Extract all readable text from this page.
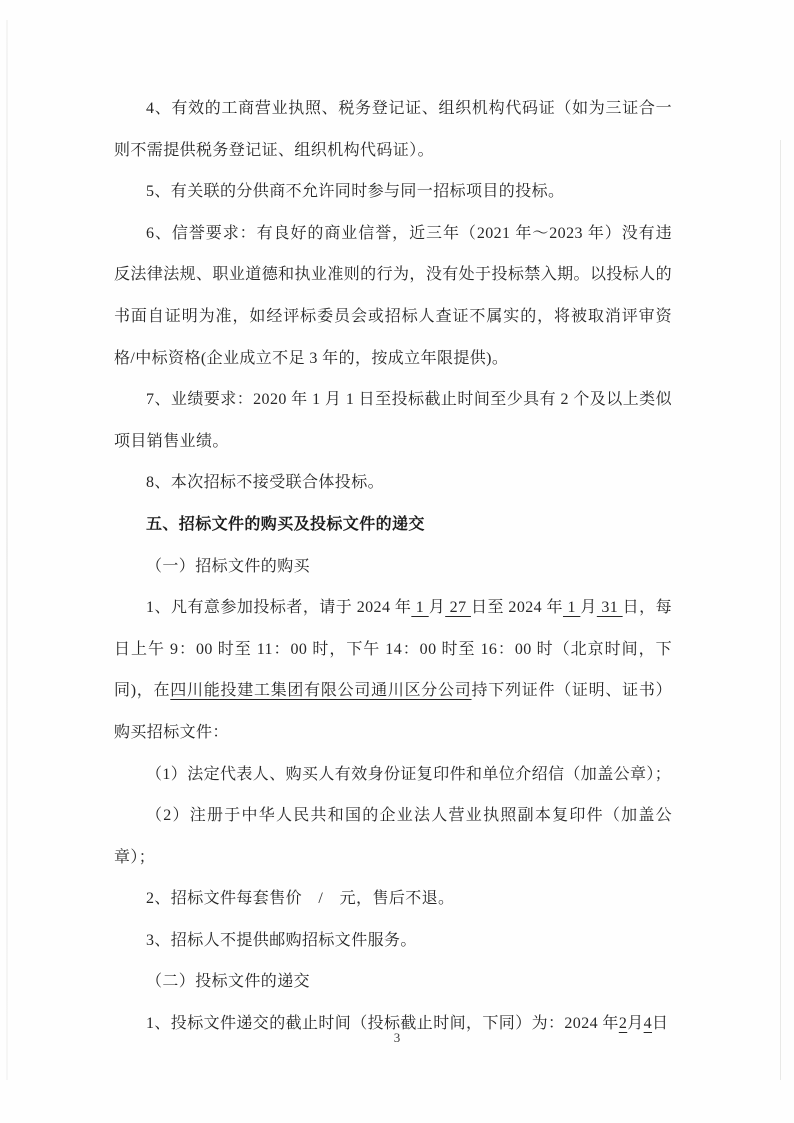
4、有效的工商营业执照、税务登记证、组织机构代码证（如为三证合一则不需提供税务登记证、组织机构代码证）。

5、有关联的分供商不允许同时参与同一招标项目的投标。

6、信誉要求：有良好的商业信誉，近三年（2021 年～2023 年）没有违反法律法规、职业道德和执业准则的行为，没有处于投标禁入期。以投标人的书面自证明为准，如经评标委员会或招标人查证不属实的，将被取消评审资格/中标资格(企业成立不足 3 年的，按成立年限提供)。

7、业绩要求：2020 年 1 月 1 日至投标截止时间至少具有 2 个及以上类似项目销售业绩。

8、本次招标不接受联合体投标。

五、招标文件的购买及投标文件的递交

（一）招标文件的购买

1、凡有意参加投标者，请于 2024 年 1 月 27 日至 2024 年 1 月 31 日，每日上午 9：00 时至 11：00 时，下午 14：00 时至 16：00 时（北京时间，下同)，在四川能投建工集团有限公司通川区分公司持下列证件（证明、证书）购买招标文件：

（1）法定代表人、购买人有效身份证复印件和单位介绍信（加盖公章）；

（2）注册于中华人民共和国的企业法人营业执照副本复印件（加盖公章）；

2、招标文件每套售价　/　元，售后不退。

3、招标人不提供邮购招标文件服务。

（二）投标文件的递交

1、投标文件递交的截止时间（投标截止时间，下同）为：2024 年2月4日

3
